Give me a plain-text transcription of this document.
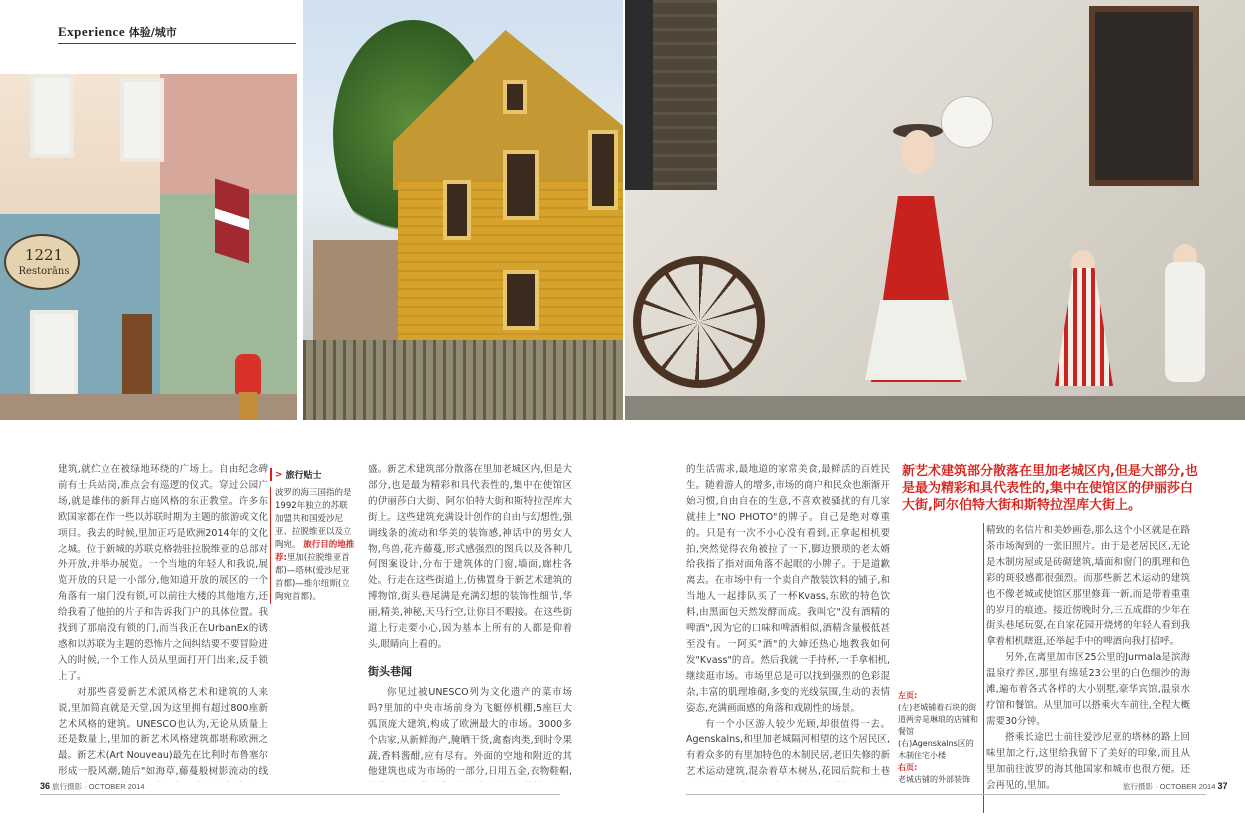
1221
Restorāns
Experience 体验/城市

建筑,就伫立在被绿地环绕的广场上。自由纪念碑前有士兵站岗,准点会有巡逻的仪式。穿过公园广场,就是雄伟的新拜占庭风格的东正教堂。许多东欧国家都在作一些以苏联时期为主题的旅游或文化项目。我去的时候,里加正巧是欧洲2014年的文化之城。位于新城的苏联克格勃驻拉脱维亚的总部对外开放,并举办展览。一个当地的年轻人和我说,展览开放的只是一小部分,他知道开放的展区的一个角落有一扇门没有锁,可以前往大楼的其他地方,还给我看了他拍的片子和告诉我门户的具体位置。我找到了那扇没有锁的门,而当我正在UrbanEx的诱惑和以苏联为主题的恐怖片之间纠结要不要冒险进入的时候,一个工作人员从里面打开门出来,反手锁上了。

对那些喜爱新艺术派风格艺术和建筑的人来说,里加简直就是天堂,因为这里拥有超过800座新艺术风格的建筑。UNESCO也认为,无论从质量上还是数量上,里加的新艺术风格建筑都堪称欧洲之最。新艺术(Art Nouveau)最先在比利时布鲁塞尔形成一股风潮,随后"如海草,藤蔓般树影流动的线

> 旅行贴士
波罗的海三国指的是1992年独立的苏联加盟共和国爱沙尼亚、拉脱维亚以及立陶宛。 旅行目的地推荐:里加(拉脱维亚首都)—塔林(爱沙尼亚首都)—维尔纽斯(立陶宛首都)。

盛。新艺术建筑部分散落在里加老城区内,但是大部分,也是最为精彩和具代表性的,集中在使馆区的伊丽莎白大街、阿尔伯特大街和斯特拉涅库大街上。这些建筑充满设计创作的自由与幻想性,强调线条的流动和华美的装饰感,神话中的男女人物,鸟兽,花卉藤蔓,形式感强烈的图兵以及各种几何图案设计,分布于建筑体的门窗,墙面,廊柱各处。行走在这些街道上,仿佛置身于新艺术建筑的博物馆,街头巷尾满是充满幻想的装饰性细节,华丽,精美,神秘,天马行空,让你目不暇接。在这些街道上行走要小心,因为基本上所有的人都是仰着头,眼睛向上看的。

街头巷闻

你见过被UNESCO列为文化遗产的菜市场吗?里加的中央市场前身为飞艇停机棚,5座巨大弧顶庞大建筑,构成了欧洲最大的市场。3000多个店家,从新鲜海产,腌晒干货,禽畜肉类,到时令果蔬,香料酱酣,应有尽有。外面的空地和附近的其他建筑也成为市场的一部分,日用五金,衣物鞋帽,

的生活需求,最地道的家常美食,最鲜活的百姓民生。随着游人的增多,市场的商户和民众也渐渐开始习惯,自由自在的生意,不喜欢被骚扰的有几家就挂上"NO PHOTO"的牌子。自己是绝对尊重的。只是有一次不小心没有看到,正拿起相机要拍,突然觉得衣角被拉了一下,脚边猥琐的老太婿给我指了指对面角落不起眼的小牌子。于是道歉离去。在市场中有一个卖自产散装饮料的铺子,和当地人一起排队买了一杯Kvass,东欧的特色饮料,由黑面包天然发酵而成。我叫它"没有酒精的啤酒",因为它的口味和啤酒相似,酒精含量极低甚至没有。一阿买"酒"的大婶还热心地教我如何发"Kvass"的音。然后我就一手持杯,一手拿相机,继续逛市场。市场里总是可以找到强烈的色彩混杂,丰富的肌理堆砌,多变的光线氛围,生动的表情姿态,充满画面感的角落和戏剧性的场景。

有一个小区游人较少光顾,却很值得一去。Agenskalns,和里加老城隔河相望的这个居民区,有着众多的有里加特色的木制民居,老旧失修的新艺术运动建筑,混杂着草木树丛,花园后院和土巷

新艺术建筑部分散落在里加老城区内,但是大部分,也是最为精彩和具代表性的,集中在使馆区的伊丽莎白大街,阿尔伯特大街和斯特拉涅库大街上。

精致的名信片和美妙画卷,那么这个小区就是在路荼市场淘到的一张旧照片。由于是老居民区,无论是木制房屋或是砖砌建筑,墙面和窗门的肌理和色彩的斑驳感都很强烈。而那些新艺术运动的建筑也不像老城或使馆区那里修葺一新,而是带着重重的岁月的痕迹。接近傍晚时分,三五成群的少年在街头巷尾玩耍,在自家花园开烧烤的年轻人看到我拿着相机瞎逛,还举起手中的啤酒向我打招呼。

另外,在离里加市区25公里的Jurmala是滨海温泉疗养区,那里有绵延23公里的白色细沙的海滩,遍布着各式各样的大小别墅,豪华宾馆,温泉水疗馆和餐馆。从里加可以搭乘火车前往,全程大概需要30分钟。

搭乘长途巴士前往爱沙尼亚的塔林的路上回味里加之行,这里给我留下了美好的印象,而且从里加前往波罗的海其他国家和城市也很方便。还会再见的,里加。

左页:
(左)老城铺着石块的街道两旁是琳琅的店铺和餐馆
(右)Agenskalns区的木制住宅小楼
右页:
老城店铺的外部装饰
36 旅行摄影 · OCTOBER 2014	旅行摄影 · OCTOBER 2014 37
